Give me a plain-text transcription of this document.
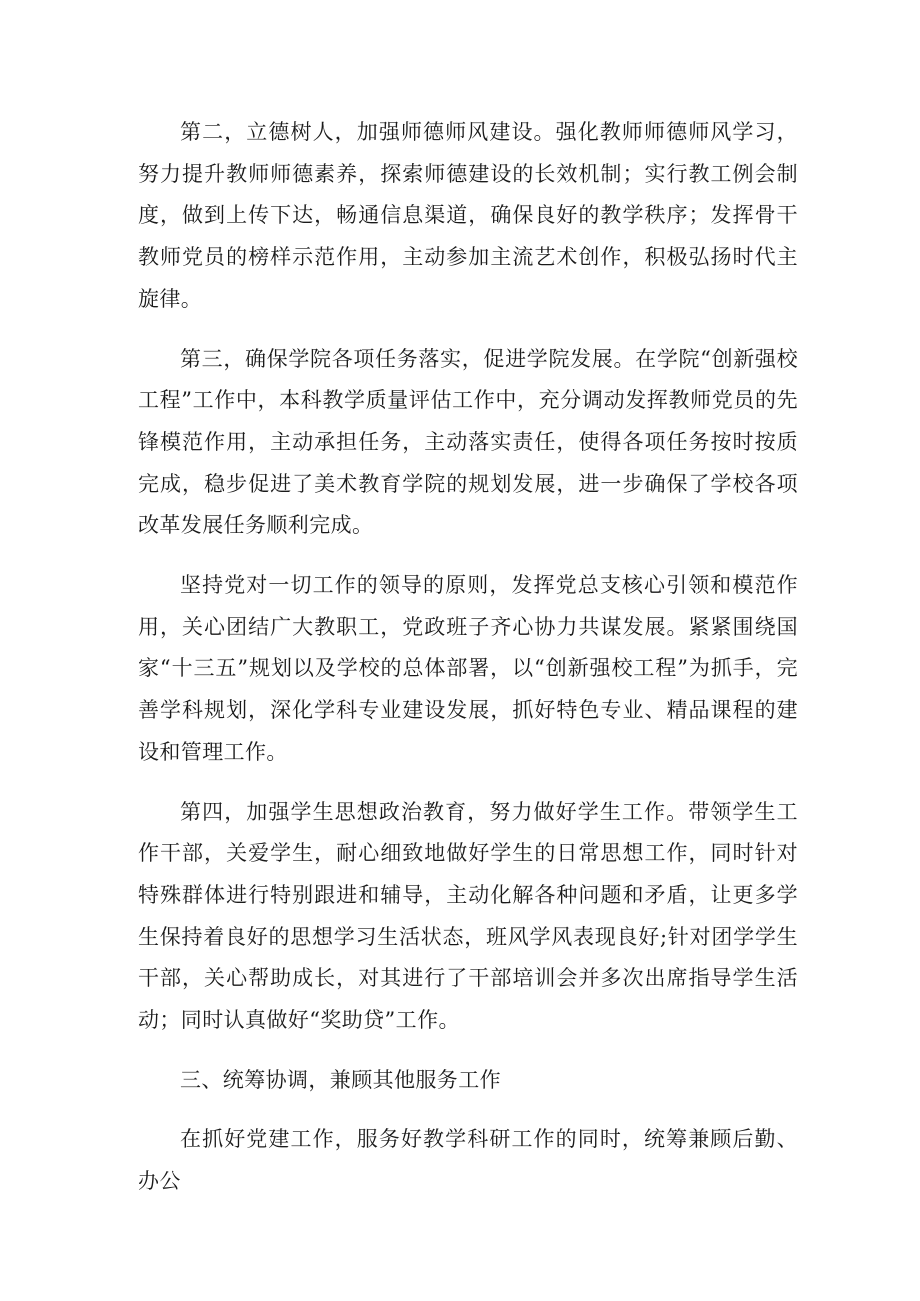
第二，立德树人，加强师德师风建设。强化教师师德师风学习，努力提升教师师德素养，探索师德建设的长效机制；实行教工例会制度，做到上传下达，畅通信息渠道，确保良好的教学秩序；发挥骨干教师党员的榜样示范作用，主动参加主流艺术创作，积极弘扬时代主旋律。

第三，确保学院各项任务落实，促进学院发展。在学院“创新强校工程”工作中，本科教学质量评估工作中，充分调动发挥教师党员的先锋模范作用，主动承担任务，主动落实责任，使得各项任务按时按质完成，稳步促进了美术教育学院的规划发展，进一步确保了学校各项改革发展任务顺利完成。

坚持党对一切工作的领导的原则，发挥党总支核心引领和模范作用，关心团结广大教职工，党政班子齐心协力共谋发展。紧紧围绕国家“十三五”规划以及学校的总体部署，以“创新强校工程”为抓手，完善学科规划，深化学科专业建设发展，抓好特色专业、精品课程的建设和管理工作。

第四，加强学生思想政治教育，努力做好学生工作。带领学生工作干部，关爱学生，耐心细致地做好学生的日常思想工作，同时针对特殊群体进行特别跟进和辅导，主动化解各种问题和矛盾，让更多学生保持着良好的思想学习生活状态，班风学风表现良好;针对团学学生干部，关心帮助成长，对其进行了干部培训会并多次出席指导学生活动；同时认真做好“奖助贷”工作。

三、统筹协调，兼顾其他服务工作

在抓好党建工作，服务好教学科研工作的同时，统筹兼顾后勤、办公
